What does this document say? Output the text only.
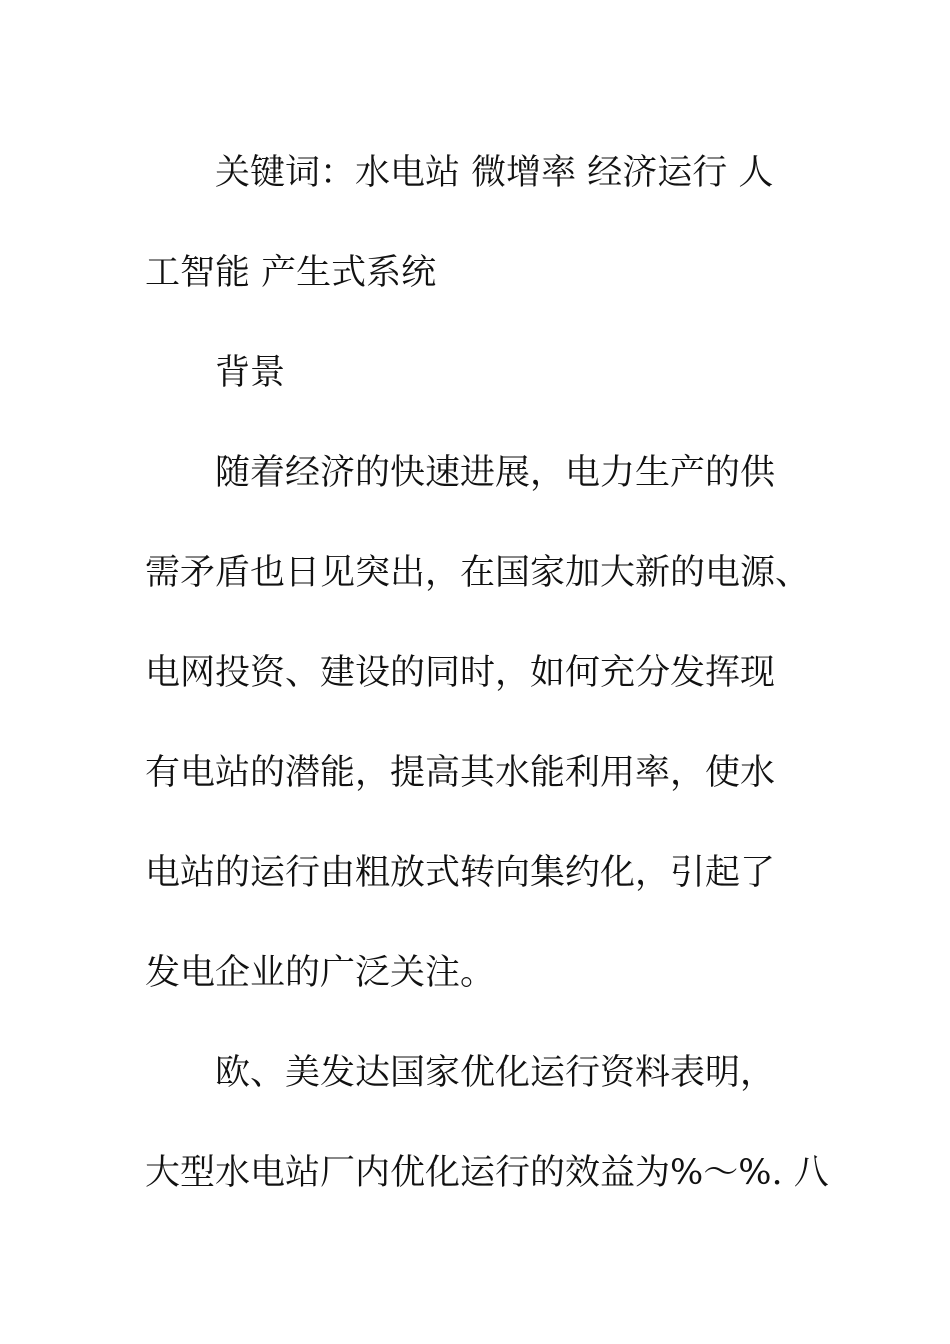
关键词：水电站 微增率 经济运行 人
工智能 产生式系统
背景
随着经济的快速进展，电力生产的供
需矛盾也日见突出，在国家加大新的电源、
电网投资、建设的同时，如何充分发挥现
有电站的潜能，提高其水能利用率，使水
电站的运行由粗放式转向集约化，引起了
发电企业的广泛关注。
欧、美发达国家优化运行资料表明，
大型水电站厂内优化运行的效益为%～%. 八
